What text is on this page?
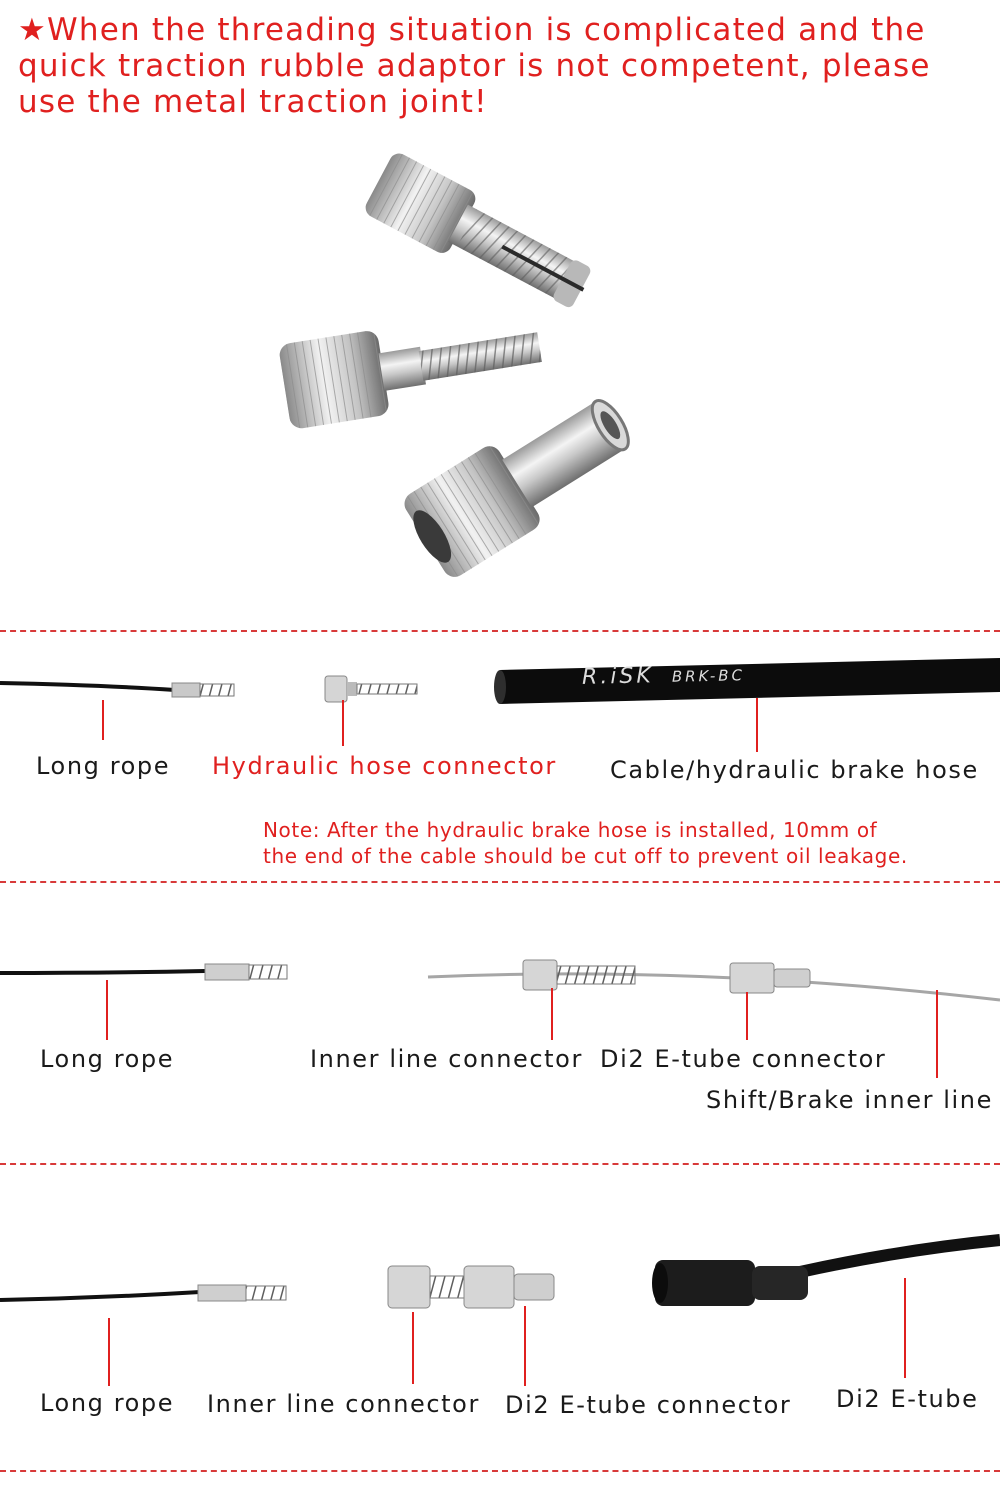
★When the threading situation is complicated and the
quick traction rubble adaptor is not competent, please
use the metal traction joint!
R.iSK BRK-BC
Long rope Hydraulic hose connector Cable/hydraulic brake hose
Note: After the hydraulic brake hose is installed, 10mm of
the end of the cable should be cut off to prevent oil leakage.
Long rope	Inner line connector Di2 E-tube connector
Shift/Brake inner line
Long rope Inner line connector Di2 E-tube connector Di2 E-tube
